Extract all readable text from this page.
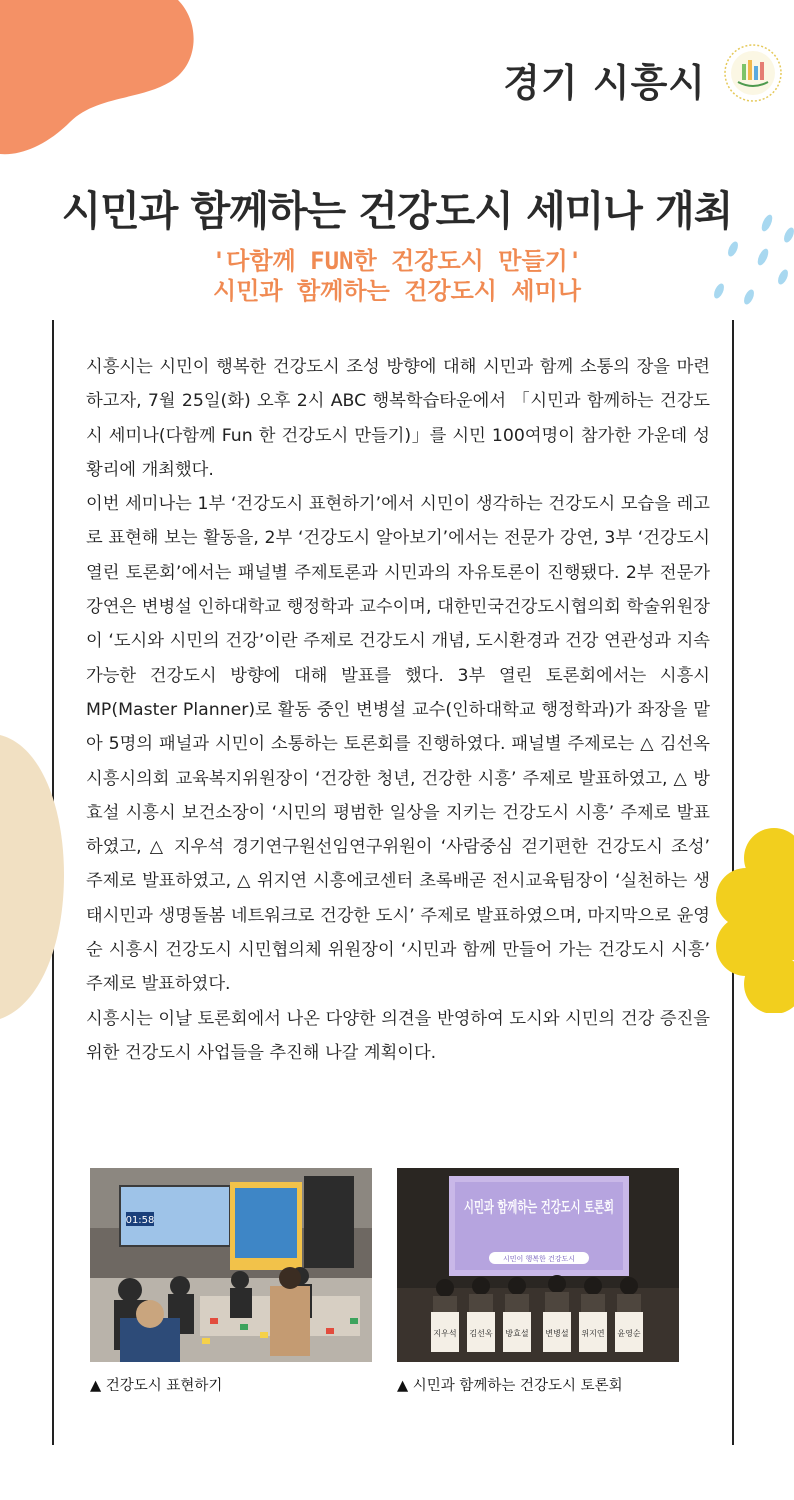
경기 시흥시
시민과 함께하는 건강도시 세미나 개최
'다함께 FUN한 건강도시 만들기'
시민과 함께하는 건강도시 세미나

시흥시는 시민이 행복한 건강도시 조성 방향에 대해 시민과 함께 소통의 장을 마련하고자, 7월 25일(화) 오후 2시 ABC 행복학습타운에서 「시민과 함께하는 건강도시 세미나(다함께 Fun 한 건강도시 만들기)」를 시민 100여명이 참가한 가운데 성황리에 개최했다.

이번 세미나는 1부 ‘건강도시 표현하기’에서 시민이 생각하는 건강도시 모습을 레고로 표현해 보는 활동을, 2부 ‘건강도시 알아보기’에서는 전문가 강연, 3부 ‘건강도시 열린 토론회’에서는 패널별 주제토론과 시민과의 자유토론이 진행됐다. 2부 전문가 강연은 변병설 인하대학교 행정학과 교수이며, 대한민국건강도시협의회 학술위원장이 ‘도시와 시민의 건강’이란 주제로 건강도시 개념, 도시환경과 건강 연관성과 지속가능한 건강도시 방향에 대해 발표를 했다. 3부 열린 토론회에서는 시흥시 MP(Master Planner)로 활동 중인 변병설 교수(인하대학교 행정학과)가 좌장을 맡아 5명의 패널과 시민이 소통하는 토론회를 진행하였다. 패널별 주제로는 △ 김선옥 시흥시의회 교육복지위원장이 ‘건강한 청년, 건강한 시흥’ 주제로 발표하였고, △ 방효설 시흥시 보건소장이 ‘시민의 평범한 일상을 지키는 건강도시 시흥’ 주제로 발표하였고, △ 지우석 경기연구원선임연구위원이 ‘사람중심 걷기편한 건강도시 조성’ 주제로 발표하였고, △ 위지연 시흥에코센터 초록배곧 전시교육팀장이 ‘실천하는 생태시민과 생명돌봄 네트워크로 건강한 도시’ 주제로 발표하였으며, 마지막으로 윤영순 시흥시 건강도시 시민협의체 위원장이 ‘시민과 함께 만들어 가는 건강도시 시흥’ 주제로 발표하였다.

시흥시는 이날 토론회에서 나온 다양한 의견을 반영하여 도시와 시민의 건강 증진을 위한 건강도시 사업들을 추진해 나갈 계획이다.

01:58
▲ 건강도시 표현하기
시민과 함께하는 건강도시 토론회
시민이 행복한 건강도시
지우석 김선옥 방효설 변병설 위지연 윤영순
▲ 시민과 함께하는 건강도시 토론회
